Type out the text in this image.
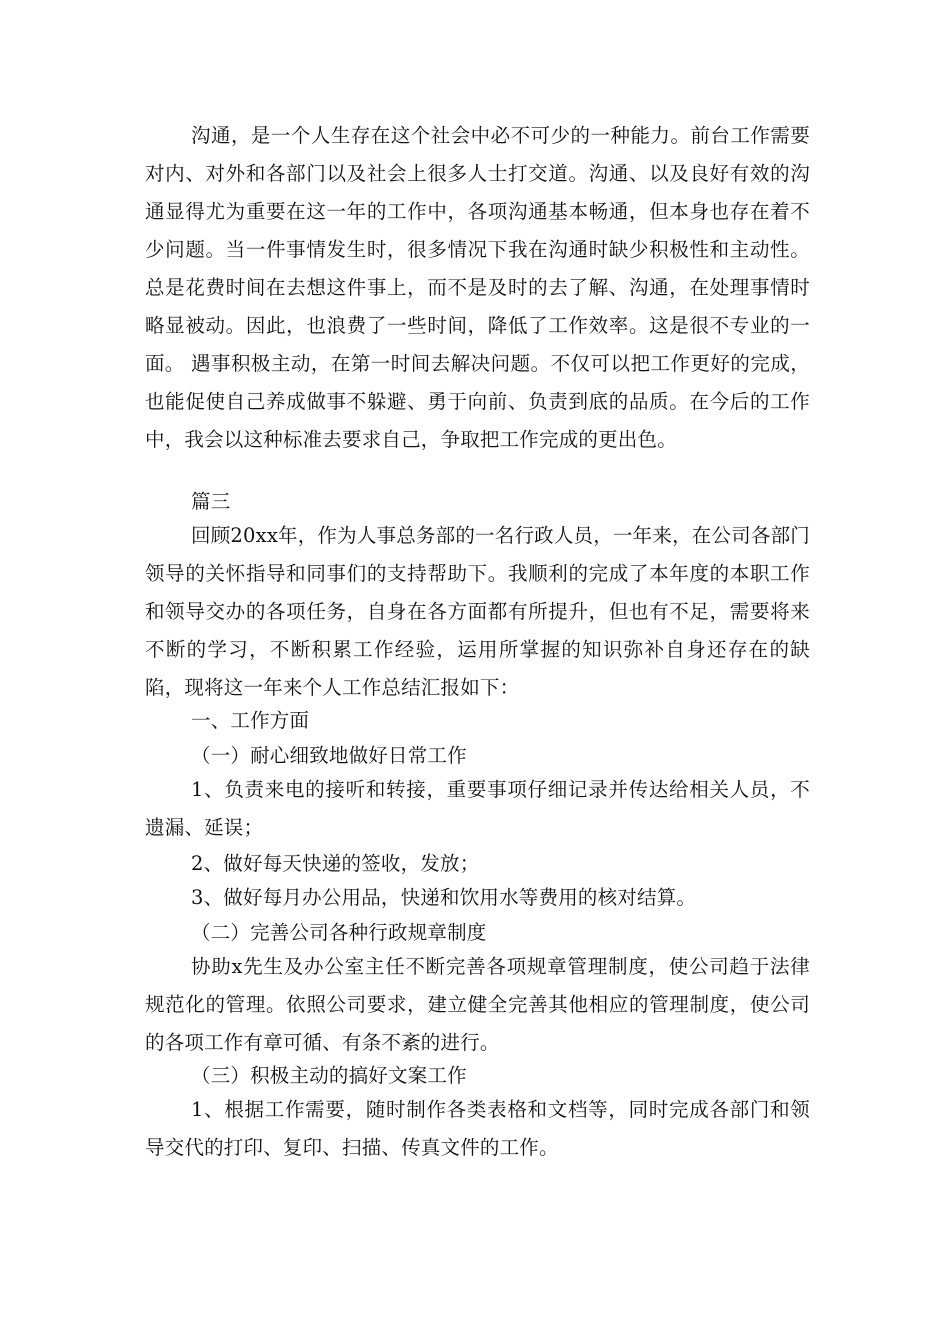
沟通，是一个人生存在这个社会中必不可少的一种能力。前台工作需要对内、对外和各部门以及社会上很多人士打交道。沟通、以及良好有效的沟通显得尤为重要在这一年的工作中，各项沟通基本畅通，但本身也存在着不少问题。当一件事情发生时，很多情况下我在沟通时缺少积极性和主动性。总是花费时间在去想这件事上，而不是及时的去了解、沟通，在处理事情时略显被动。因此，也浪费了一些时间，降低了工作效率。这是很不专业的一面。 遇事积极主动，在第一时间去解决问题。不仅可以把工作更好的完成，也能促使自己养成做事不躲避、勇于向前、负责到底的品质。在今后的工作中，我会以这种标准去要求自己，争取把工作完成的更出色。

篇三

回顾20xx年，作为人事总务部的一名行政人员，一年来，在公司各部门领导的关怀指导和同事们的支持帮助下。我顺利的完成了本年度的本职工作和领导交办的各项任务，自身在各方面都有所提升，但也有不足，需要将来不断的学习，不断积累工作经验，运用所掌握的知识弥补自身还存在的缺陷，现将这一年来个人工作总结汇报如下：

一、工作方面

（一）耐心细致地做好日常工作

1、负责来电的接听和转接，重要事项仔细记录并传达给相关人员，不遗漏、延误；

2、做好每天快递的签收，发放；

3、做好每月办公用品，快递和饮用水等费用的核对结算。

（二）完善公司各种行政规章制度

协助x先生及办公室主任不断完善各项规章管理制度，使公司趋于法律规范化的管理。依照公司要求，建立健全完善其他相应的管理制度，使公司的各项工作有章可循、有条不紊的进行。

（三）积极主动的搞好文案工作

1、根据工作需要，随时制作各类表格和文档等，同时完成各部门和领导交代的打印、复印、扫描、传真文件的工作。
